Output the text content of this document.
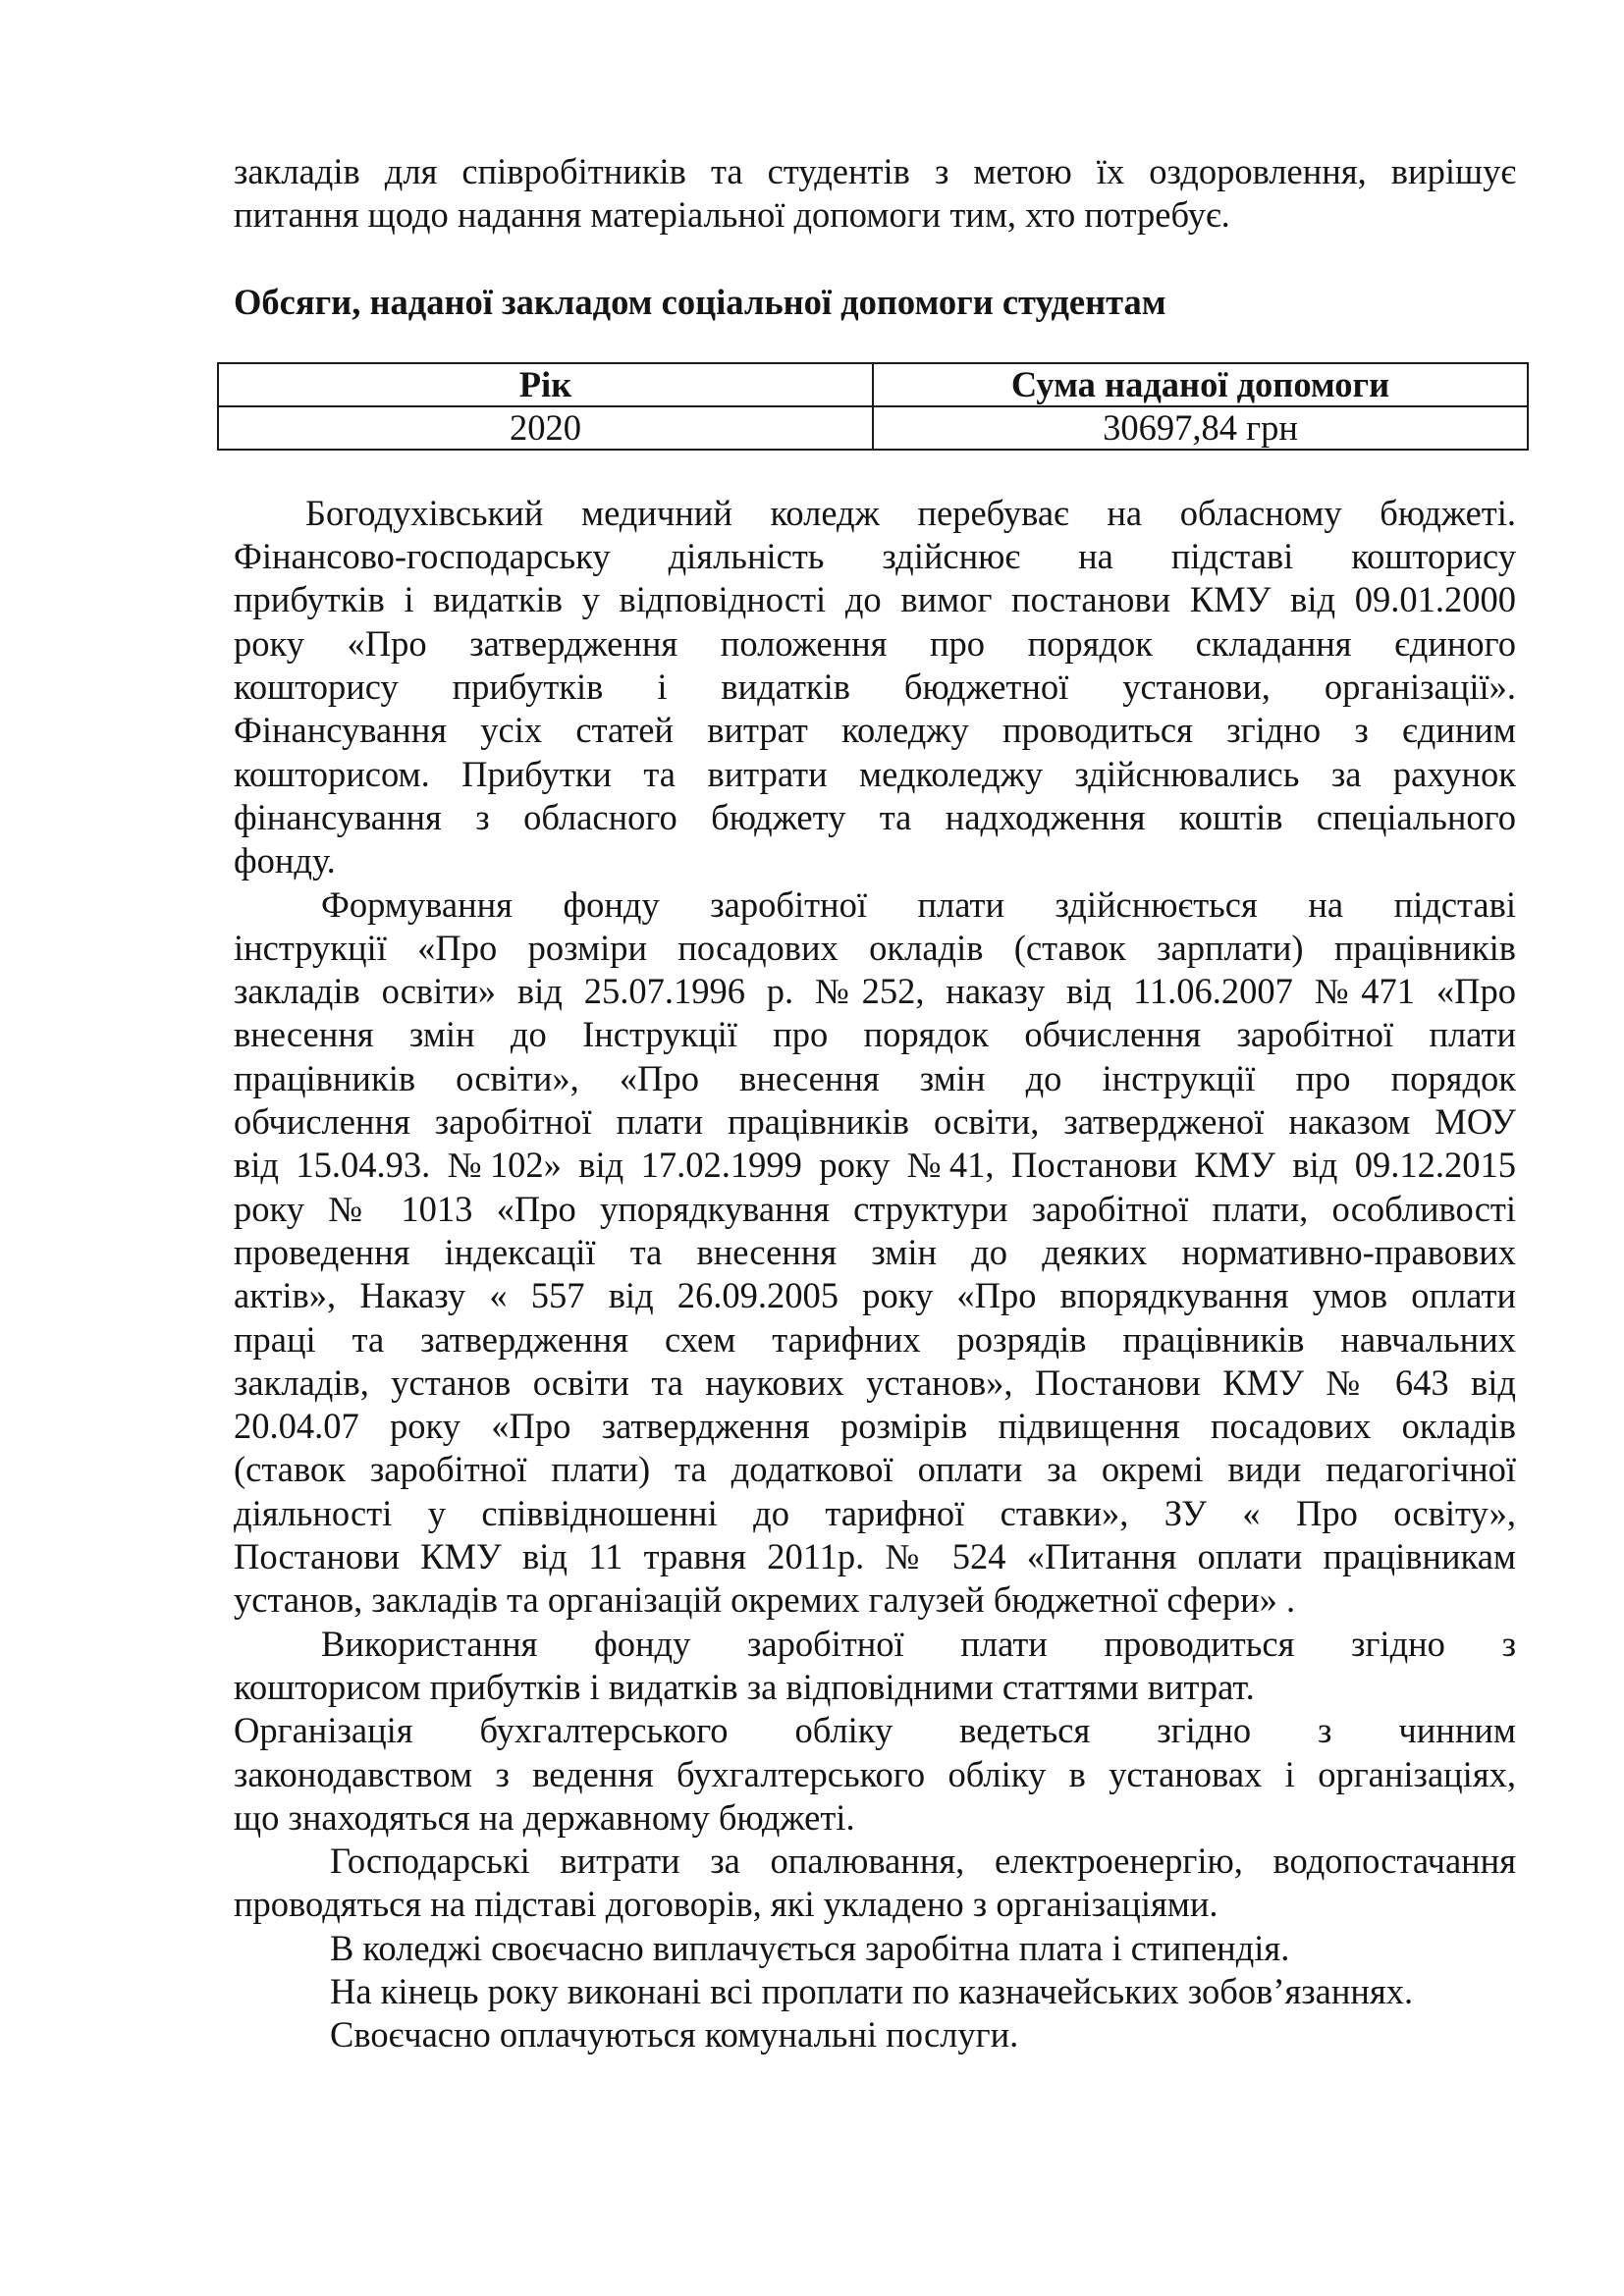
закладів для співробітників та студентів з метою їх оздоровлення, вирішує
питання щодо надання матеріальної допомоги тим, хто потребує.
Обсяги, наданої закладом соціальної допомоги студентам
Рік	Сума наданої допомоги
2020	30697,84 грн
Богодухівський медичний коледж перебуває на обласному бюджеті.
Фінансово-господарську діяльність здійснює на підставі кошторису
прибутків і видатків у відповідності до вимог постанови КМУ від 09.01.2000
року «Про затвердження положення про порядок складання єдиного
кошторису прибутків і видатків бюджетної установи, організації».
Фінансування усіх статей витрат коледжу проводиться згідно з єдиним
кошторисом. Прибутки та витрати медколеджу здійснювались за рахунок
фінансування з обласного бюджету та надходження коштів спеціального
фонду.
Формування фонду заробітної плати здійснюється на підставі
інструкції «Про розміри посадових окладів (ставок зарплати) працівників
закладів освіти» від 25.07.1996 р. №252, наказу від 11.06.2007 №471 «Про
внесення змін до Інструкції про порядок обчислення заробітної плати
працівників освіти», «Про внесення змін до інструкції про порядок
обчислення заробітної плати працівників освіти, затвердженої наказом МОУ
від 15.04.93. №102» від 17.02.1999 року №41, Постанови КМУ від 09.12.2015
року № 1013 «Про упорядкування структури заробітної плати, особливості
проведення індексації та внесення змін до деяких нормативно-правових
актів», Наказу « 557 від 26.09.2005 року «Про впорядкування умов оплати
праці та затвердження схем тарифних розрядів працівників навчальних
закладів, установ освіти та наукових установ», Постанови КМУ № 643 від
20.04.07 року «Про затвердження розмірів підвищення посадових окладів
(ставок заробітної плати) та додаткової оплати за окремі види педагогічної
діяльності у співвідношенні до тарифної ставки», ЗУ « Про освіту»,
Постанови КМУ від 11 травня 2011р. № 524 «Питання оплати працівникам
установ, закладів та організацій окремих галузей бюджетної сфери» .
Використання фонду заробітної плати проводиться згідно з
кошторисом прибутків і видатків за відповідними статтями витрат.
Організація бухгалтерського обліку ведеться згідно з чинним
законодавством з ведення бухгалтерського обліку в установах і організаціях,
що знаходяться на державному бюджеті.
Господарські витрати за опалювання, електроенергію, водопостачання
проводяться на підставі договорів, які укладено з організаціями.
В коледжі своєчасно виплачується заробітна плата і стипендія.
На кінець року виконані всі проплати по казначейських зобов’язаннях.
Своєчасно оплачуються комунальні послуги.
